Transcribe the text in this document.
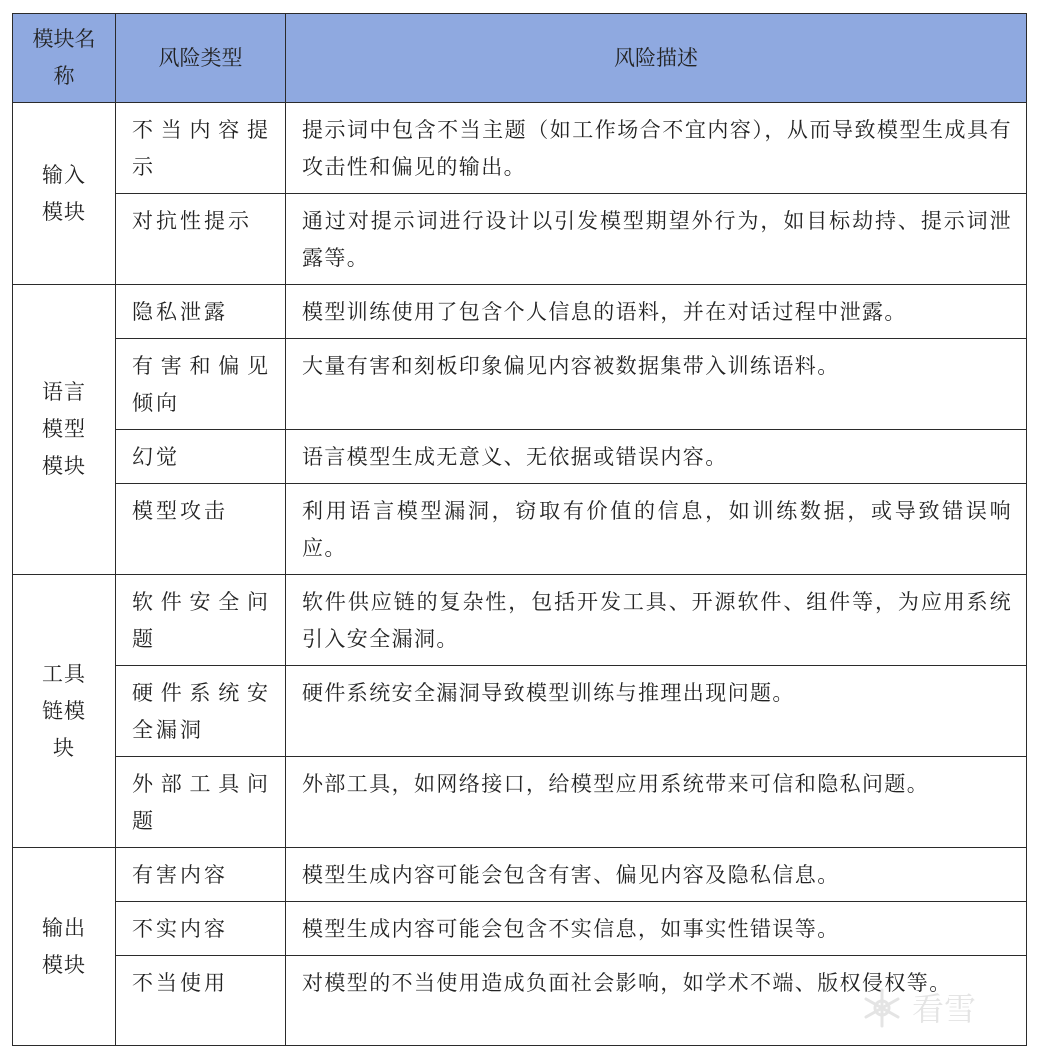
模块名称	风险类型	风险描述
输入模块	不当内容提示	提示词中包含不当主题（如工作场合不宜内容），从而导致模型生成具有攻击性和偏见的输出。
	对抗性提示	通过对提示词进行设计以引发模型期望外行为，如目标劫持、提示词泄露等。
语言模型模块	隐私泄露	模型训练使用了包含个人信息的语料，并在对话过程中泄露。
	有害和偏见倾向	大量有害和刻板印象偏见内容被数据集带入训练语料。
	幻觉	语言模型生成无意义、无依据或错误内容。
	模型攻击	利用语言模型漏洞，窃取有价值的信息，如训练数据，或导致错误响应。
工具链模块	软件安全问题	软件供应链的复杂性，包括开发工具、开源软件、组件等，为应用系统引入安全漏洞。
	硬件系统安全漏洞	硬件系统安全漏洞导致模型训练与推理出现问题。
	外部工具问题	外部工具，如网络接口，给模型应用系统带来可信和隐私问题。
输出模块	有害内容	模型生成内容可能会包含有害、偏见内容及隐私信息。
	不实内容	模型生成内容可能会包含不实信息，如事实性错误等。
	不当使用	对模型的不当使用造成负面社会影响，如学术不端、版权侵权等。
看雪
